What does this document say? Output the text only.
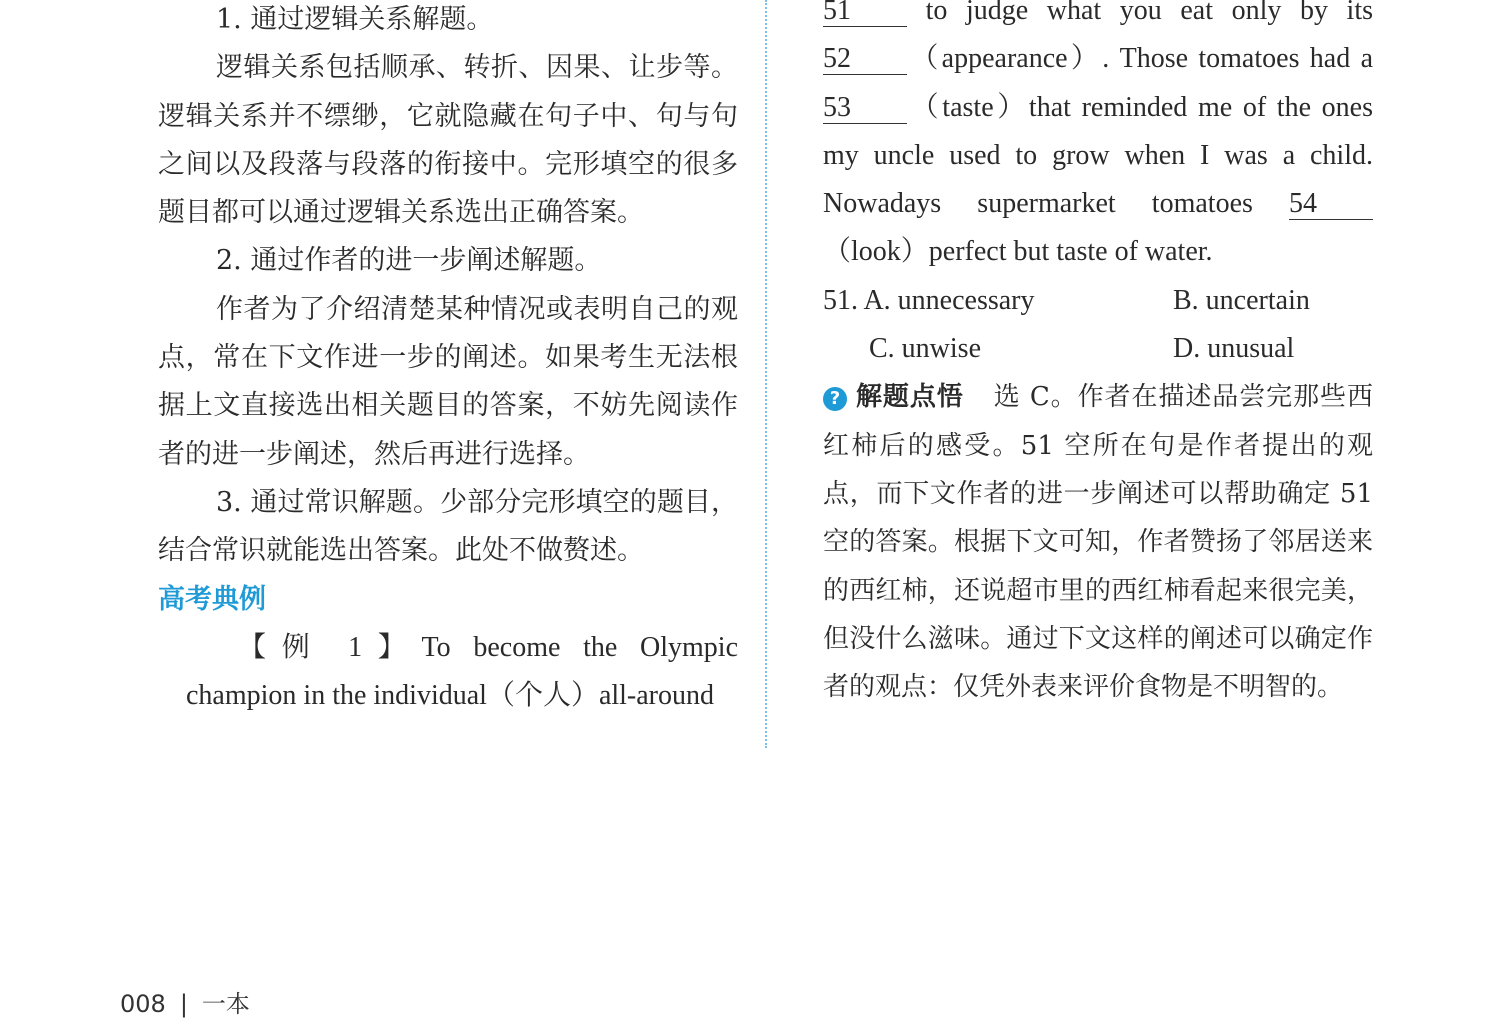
1. 通过逻辑关系解题。

逻辑关系包括顺承、转折、因果、让步等。逻辑关系并不缥缈，它就隐藏在句子中、句与句之间以及段落与段落的衔接中。完形填空的很多题目都可以通过逻辑关系选出正确答案。

2. 通过作者的进一步阐述解题。

作者为了介绍清楚某种情况或表明自己的观点，常在下文作进一步的阐述。如果考生无法根据上文直接选出相关题目的答案，不妨先阅读作者的进一步阐述，然后再进行选择。

3. 通过常识解题。少部分完形填空的题目，结合常识就能选出答案。此处不做赘述。

高考典例

【例 1】To become the Olympic

champion in the individual（个人）all-around

51	to judge what you eat only by its

52 （appearance）. Those tomatoes had a

53 （taste）that reminded me of the ones

my uncle used to grow when I was a child.

Nowadays supermarket tomatoes 54

（look）perfect but taste of water.

51. A. unnecessary	B. uncertain
C. unwise	D. unusual

? 解题点悟 选 C。作者在描述品尝完那些西红柿后的感受。51 空所在句是作者提出的观点，而下文作者的进一步阐述可以帮助确定 51 空的答案。根据下文可知，作者赞扬了邻居送来的西红柿，还说超市里的西红柿看起来很完美，但没什么滋味。通过下文这样的阐述可以确定作者的观点：仅凭外表来评价食物是不明智的。

008 | 一本
